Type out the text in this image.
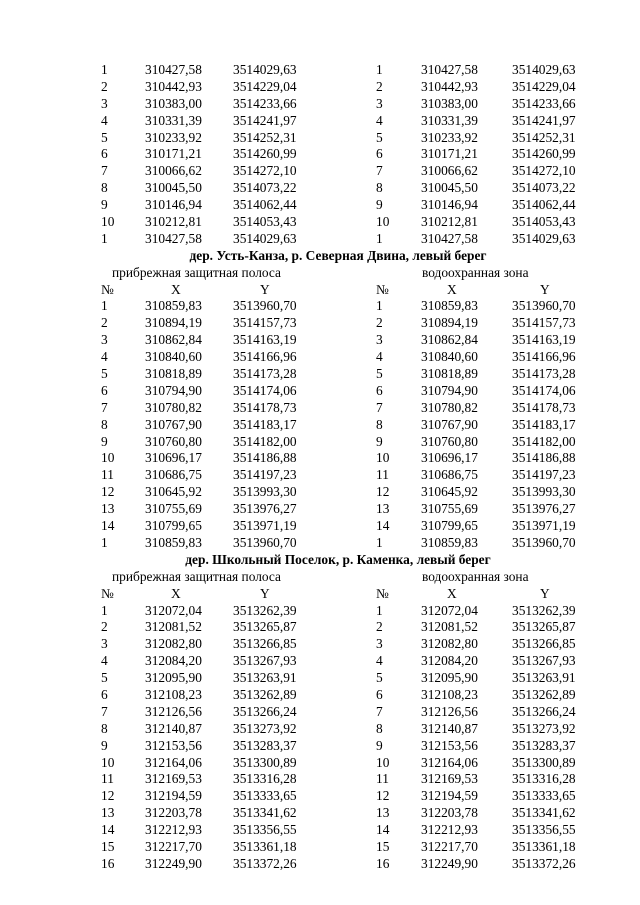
1	310427,58 3514029,63	1	310427,58	3514029,63
2	310442,93 3514229,04	2	310442,93	3514229,04
3	310383,00 3514233,66	3	310383,00	3514233,66
4	310331,39 3514241,97	4	310331,39	3514241,97
5	310233,92 3514252,31	5	310233,92	3514252,31
6	310171,21 3514260,99	6	310171,21	3514260,99
7	310066,62 3514272,10	7	310066,62	3514272,10
8	310045,50 3514073,22	8	310045,50	3514073,22
9	310146,94 3514062,44	9	310146,94	3514062,44
10 310212,81 3514053,43	10 310212,81	3514053,43
1	310427,58 3514029,63	1	310427,58	3514029,63
дер. Усть-Канза, р. Северная Двина, левый берег
прибрежная защитная полоса	водоохранная зона
№	X	Y	№	X	Y
1	310859,83 3513960,70	1	310859,83	3513960,70
2	310894,19 3514157,73	2	310894,19	3514157,73
3	310862,84 3514163,19	3	310862,84	3514163,19
4	310840,60 3514166,96	4	310840,60	3514166,96
5	310818,89 3514173,28	5	310818,89	3514173,28
6	310794,90 3514174,06	6	310794,90	3514174,06
7	310780,82 3514178,73	7	310780,82	3514178,73
8	310767,90 3514183,17	8	310767,90	3514183,17
9	310760,80 3514182,00	9	310760,80	3514182,00
10 310696,17 3514186,88	10 310696,17	3514186,88
11 310686,75 3514197,23	11 310686,75	3514197,23
12 310645,92 3513993,30	12 310645,92	3513993,30
13 310755,69 3513976,27	13 310755,69	3513976,27
14 310799,65 3513971,19	14 310799,65	3513971,19
1	310859,83 3513960,70	1	310859,83	3513960,70
дер. Школьный Поселок, р. Каменка, левый берег
прибрежная защитная полоса	водоохранная зона
№	X	Y	№	X	Y
1	312072,04 3513262,39	1	312072,04	3513262,39
2	312081,52 3513265,87	2	312081,52	3513265,87
3	312082,80 3513266,85	3	312082,80	3513266,85
4	312084,20 3513267,93	4	312084,20	3513267,93
5	312095,90 3513263,91	5	312095,90	3513263,91
6	312108,23 3513262,89	6	312108,23	3513262,89
7	312126,56 3513266,24	7	312126,56	3513266,24
8	312140,87 3513273,92	8	312140,87	3513273,92
9	312153,56 3513283,37	9	312153,56	3513283,37
10 312164,06 3513300,89	10 312164,06	3513300,89
11 312169,53 3513316,28	11 312169,53	3513316,28
12 312194,59 3513333,65	12 312194,59	3513333,65
13 312203,78 3513341,62	13 312203,78	3513341,62
14 312212,93 3513356,55	14 312212,93	3513356,55
15 312217,70 3513361,18	15 312217,70	3513361,18
16 312249,90 3513372,26	16 312249,90	3513372,26
